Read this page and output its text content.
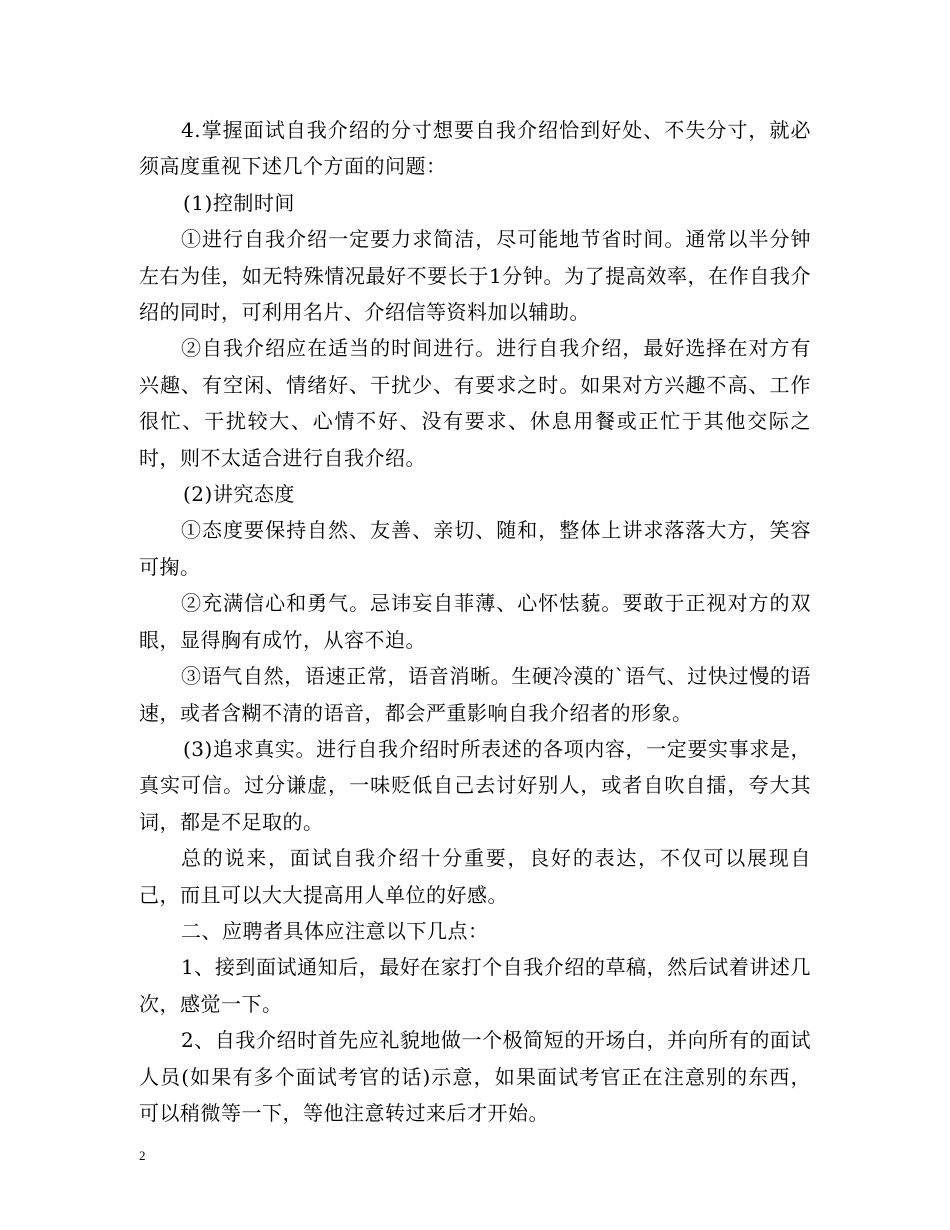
4.掌握面试自我介绍的分寸想要自我介绍恰到好处、不失分寸，就必须高度重视下述几个方面的问题：

(1)控制时间

①进行自我介绍一定要力求简洁，尽可能地节省时间。通常以半分钟左右为佳，如无特殊情况最好不要长于1分钟。为了提高效率，在作自我介绍的同时，可利用名片、介绍信等资料加以辅助。

②自我介绍应在适当的时间进行。进行自我介绍，最好选择在对方有兴趣、有空闲、情绪好、干扰少、有要求之时。如果对方兴趣不高、工作很忙、干扰较大、心情不好、没有要求、休息用餐或正忙于其他交际之时，则不太适合进行自我介绍。

(2)讲究态度

①态度要保持自然、友善、亲切、随和，整体上讲求落落大方，笑容可掬。

②充满信心和勇气。忌讳妄自菲薄、心怀怯藐。要敢于正视对方的双眼，显得胸有成竹，从容不迫。

③语气自然，语速正常，语音消晰。生硬冷漠的`语气、过快过慢的语速，或者含糊不清的语音，都会严重影响自我介绍者的形象。

(3)追求真实。进行自我介绍时所表述的各项内容，一定要实事求是，真实可信。过分谦虚，一味贬低自己去讨好别人，或者自吹自擂，夸大其词，都是不足取的。

总的说来，面试自我介绍十分重要，良好的表达，不仅可以展现自己，而且可以大大提高用人单位的好感。

二、应聘者具体应注意以下几点：

1、接到面试通知后，最好在家打个自我介绍的草稿，然后试着讲述几次，感觉一下。

2、自我介绍时首先应礼貌地做一个极简短的开场白，并向所有的面试人员(如果有多个面试考官的话)示意，如果面试考官正在注意别的东西，可以稍微等一下，等他注意转过来后才开始。

2
